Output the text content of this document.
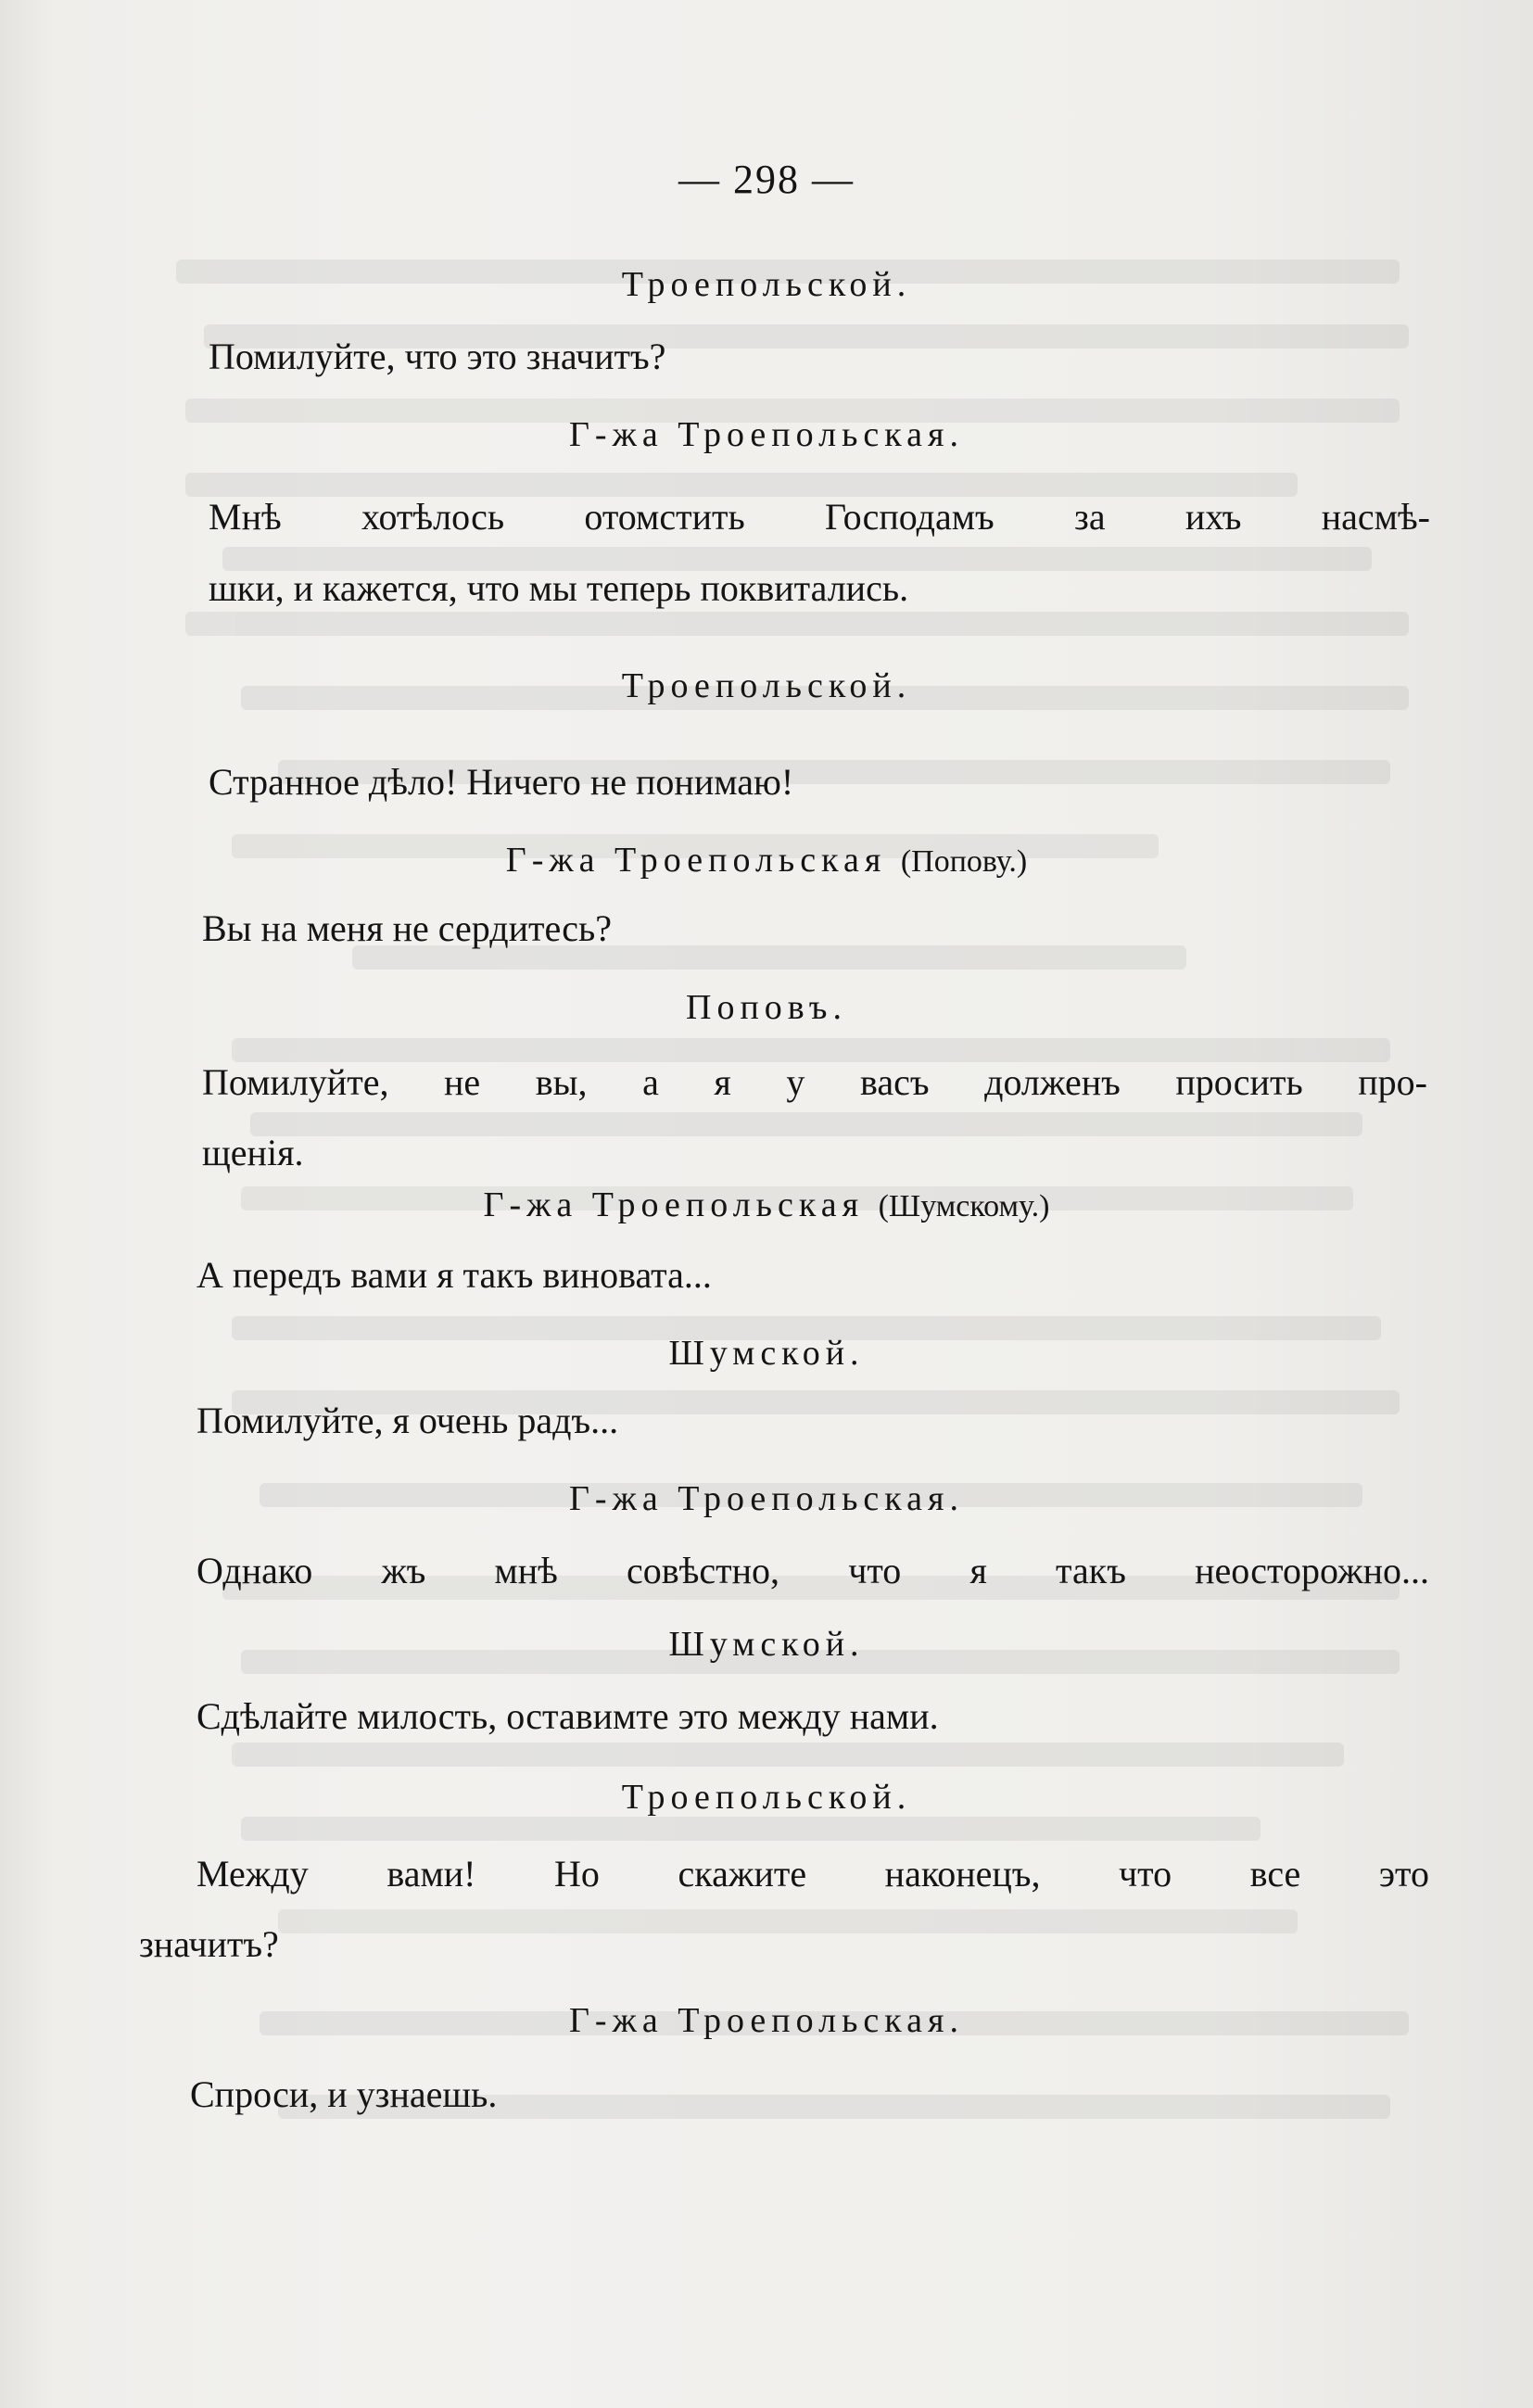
— 298 —
Троепольской.
Помилуйте, что это значитъ?
Г-жа Троепольская.
Мнѣ хотѣлось отомстить Господамъ за ихъ насмѣ-
шки, и кажется, что мы теперь поквитались.
Троепольской.
Странное дѣло! Ничего не понимаю!
Г-жа Троепольская (Попову.)
Вы на меня не сердитесь?
Поповъ.
Помилуйте, не вы, а я у васъ долженъ просить про-
щенія.
Г-жа Троепольская (Шумскому.)
А передъ вами я такъ виновата...
Шумской.
Помилуйте, я очень радъ...
Г-жа Троепольская.
Однако жъ мнѣ совѣстно, что я такъ неосторожно...
Шумской.
Сдѣлайте милость, оставимте это между нами.
Троепольской.
Между вами! Но скажите наконецъ, что все это
значитъ?
Г-жа Троепольская.
Спроси, и узнаешь.
